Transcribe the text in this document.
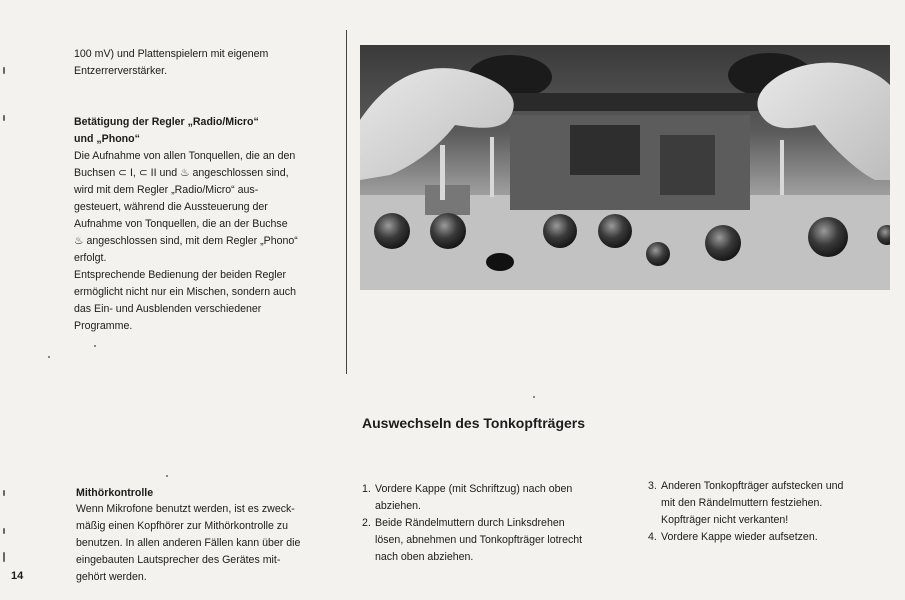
100 mV) und Plattenspielern mit eigenem

Entzerrerverstärker.

Betätigung der Regler „Radio/Micro“

und „Phono“

Die Aufnahme von allen Tonquellen, die an den

Buchsen ⊂ I, ⊂ II und ♨ angeschlossen sind,

wird mit dem Regler „Radio/Micro“ aus-

gesteuert, während die Aussteuerung der

Aufnahme von Tonquellen, die an der Buchse

♨ angeschlossen sind, mit dem Regler „Phono“

erfolgt.

Entsprechende Bedienung der beiden Regler

ermöglicht nicht nur ein Mischen, sondern auch

das Ein- und Ausblenden verschiedener

Programme.

Mithörkontrolle

Wenn Mikrofone benutzt werden, ist es zweck-

mäßig einen Kopfhörer zur Mithörkontrolle zu

benutzen. In allen anderen Fällen kann über die

eingebauten Lautsprecher des Gerätes mit-

gehört werden.

14
Auswechseln des Tonkopfträgers
1. Vordere Kappe (mit Schriftzug) nach oben
abziehen.
2. Beide Rändelmuttern durch Linksdrehen
lösen, abnehmen und Tonkopfträger lotrecht
nach oben abziehen.
3. Anderen Tonkopfträger aufstecken und
mit den Rändelmuttern festziehen.
Kopfträger nicht verkanten!
4. Vordere Kappe wieder aufsetzen.
